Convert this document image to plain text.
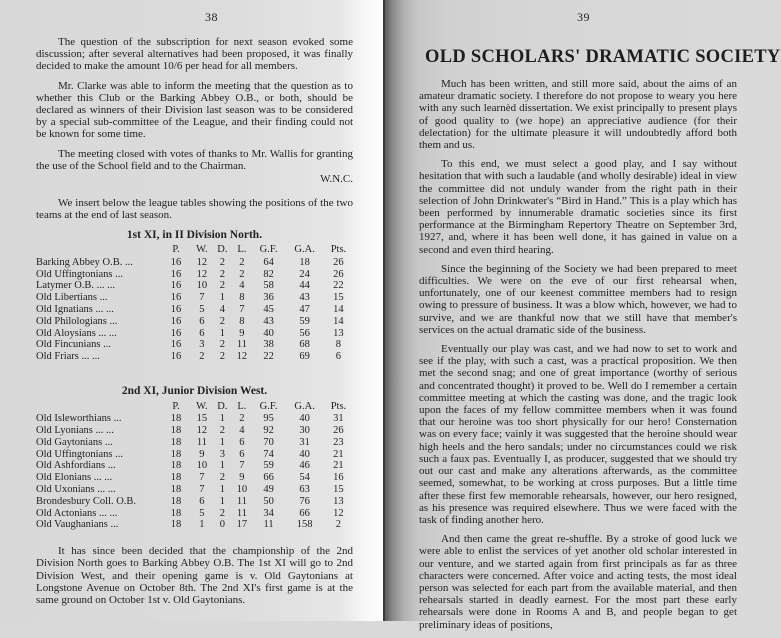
38

The question of the subscription for next season evoked some discussion; after several alternatives had been proposed, it was finally decided to make the amount 10/6 per head for all members.

Mr. Clarke was able to inform the meeting that the question as to whether this Club or the Barking Abbey O.B., or both, should be declared as winners of their Division last season was to be considered by a special sub-committee of the League, and their finding could not be known for some time.

The meeting closed with votes of thanks to Mr. Wallis for granting the use of the School field and to the Chairman.

W.N.C.

We insert below the league tables showing the positions of the two teams at the end of last season.

1st XI, in II Division North.
	P.	W.	D.	L.	G.F.	G.A.	Pts.
Barking Abbey O.B. ...	16	12	2	2	64	18	26
Old Uffingtonians ...	16	12	2	2	82	24	26
Latymer O.B. ... ...	16	10	2	4	58	44	22
Old Libertians ...	16	7	1	8	36	43	15
Old Ignatians ... ...	16	5	4	7	45	47	14
Old Philologians ...	16	6	2	8	43	59	14
Old Aloysians ... ...	16	6	1	9	40	56	13
Old Fincunians ...	16	3	2	11	38	68	8
Old Friars ... ...	16	2	2	12	22	69	6
2nd XI, Junior Division West.
	P.	W.	D.	L.	G.F.	G.A.	Pts.
Old Isleworthians ...	18	15	1	2	95	40	31
Old Lyonians ... ...	18	12	2	4	92	30	26
Old Gaytonians ...	18	11	1	6	70	31	23
Old Uffingtonians ...	18	9	3	6	74	40	21
Old Ashfordians ...	18	10	1	7	59	46	21
Old Elonians ... ...	18	7	2	9	66	54	16
Old Uxonians ... ...	18	7	1	10	49	63	15
Brondesbury Coll. O.B.	18	6	1	11	50	76	13
Old Actonians ... ...	18	5	2	11	34	66	12
Old Vaughanians ...	18	1	0	17	11	158	2

It has since been decided that the championship of the 2nd Division North goes to Barking Abbey O.B. The 1st XI will go to 2nd Division West, and their opening game is v. Old Gaytonians at Longstone Avenue on October 8th. The 2nd XI's first game is at the same ground on October 1st v. Old Gaytonians.

39
OLD SCHOLARS' DRAMATIC SOCIETY

Much has been written, and still more said, about the aims of an amateur dramatic society. I therefore do not propose to weary you here with any such learnèd dissertation. We exist principally to present plays of good quality to (we hope) an appreciative audience (for their delectation) for the ultimate pleasure it will undoubtedly afford both them and us.

To this end, we must select a good play, and I say without hesitation that with such a laudable (and wholly desirable) ideal in view the committee did not unduly wander from the right path in their selection of John Drinkwater's “Bird in Hand.” This is a play which has been performed by innumerable dramatic societies since its first performance at the Birmingham Repertory Theatre on September 3rd, 1927, and, where it has been well done, it has gained in value on a second and even third hearing.

Since the beginning of the Society we had been prepared to meet difficulties. We were on the eve of our first rehearsal when, unfortunately, one of our keenest committee members had to resign owing to pressure of business. It was a blow which, however, we had to survive, and we are thankful now that we still have that member's services on the actual dramatic side of the business.

Eventually our play was cast, and we had now to set to work and see if the play, with such a cast, was a practical proposition. We then met the second snag; and one of great importance (worthy of serious and concentrated thought) it proved to be. Well do I remember a certain committee meeting at which the casting was done, and the tragic look upon the faces of my fellow committee members when it was found that our heroine was too short physically for our hero! Consternation was on every face; vainly it was suggested that the heroine should wear high heels and the hero sandals; under no circumstances could we risk such a faux pas. Eventually I, as producer, suggested that we should try out our cast and make any alterations afterwards, as the committee seemed, somewhat, to be working at cross purposes. But a little time after these first few memorable rehearsals, however, our hero resigned, as his presence was required elsewhere. Thus we were faced with the task of finding another hero.

And then came the great re-shuffle. By a stroke of good luck we were able to enlist the services of yet another old scholar interested in our venture, and we started again from first principals as far as three characters were concerned. After voice and acting tests, the most ideal person was selected for each part from the available material, and then rehearsals started in deadly earnest. For the most part these early rehearsals were done in Rooms A and B, and people began to get preliminary ideas of positions,
